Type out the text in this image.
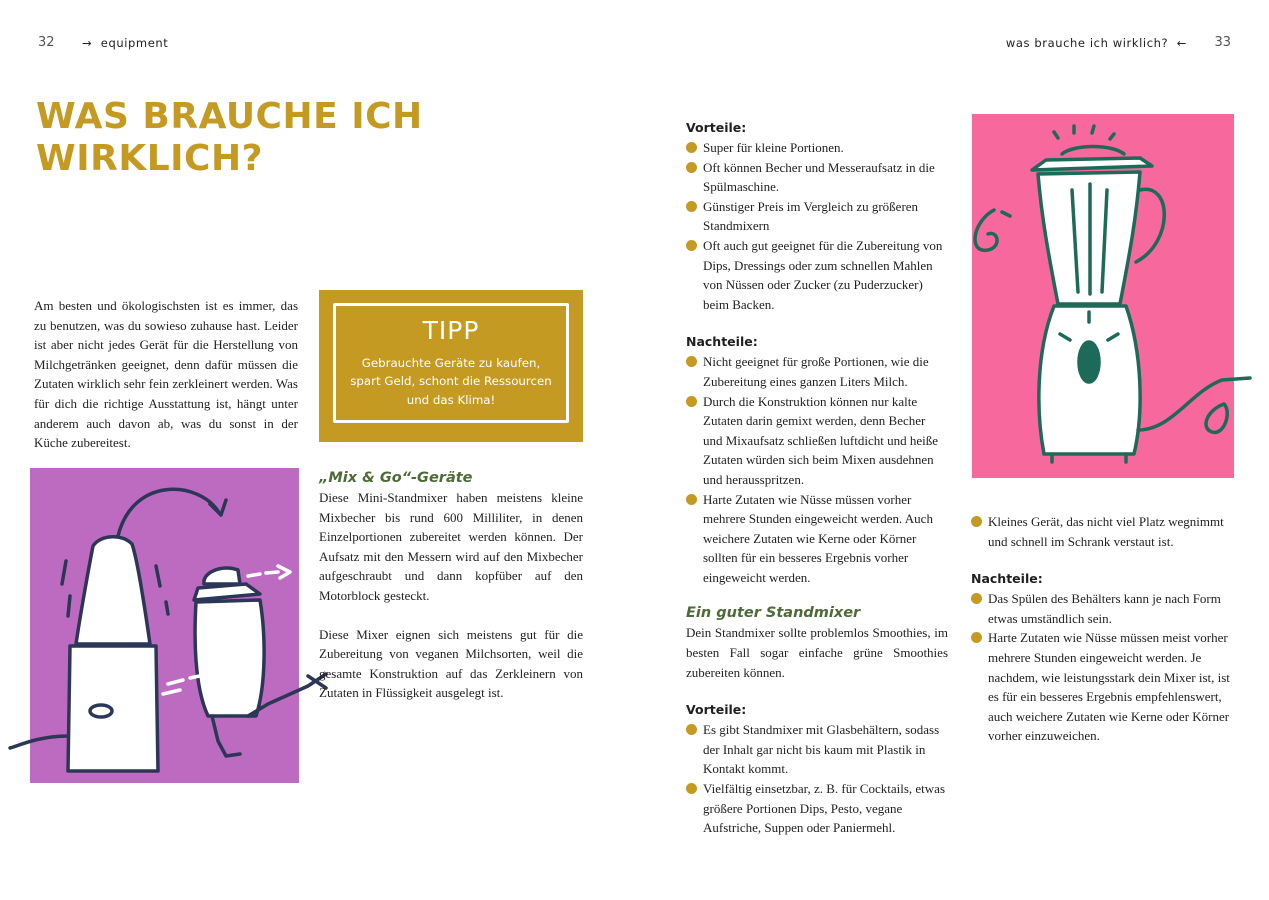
32 → equipment	was brauche ich wirklich? ← 33
WAS BRAUCHE ICH
WIRKLICH?

Am besten und ökologischsten ist es immer, das zu benutzen, was du sowieso zuhause hast. Leider ist aber nicht jedes Gerät für die Herstellung von Milchgetränken geeignet, denn dafür müssen die Zutaten wirklich sehr fein zerkleinert werden. Was für dich die richtige Ausstattung ist, hängt unter anderem auch davon ab, was du sonst in der Küche zubereitest.

TIPP
Gebrauchte Geräte zu kaufen, spart Geld, schont die Ressourcen und das Klima!
„Mix & Go“-Geräte

Diese Mini-Standmixer haben meistens kleine Mixbecher bis rund 600 Milliliter, in denen Einzelportionen zubereitet werden können. Der Aufsatz mit den Messern wird auf den Mixbecher aufgeschraubt und dann kopfüber auf den Motorblock gesteckt.

Diese Mixer eignen sich meistens gut für die Zubereitung von veganen Milchsorten, weil die gesamte Konstruktion auf das Zerkleinern von Zutaten in Flüssigkeit ausgelegt ist.

Vorteile:
Super für kleine Portionen.
Oft können Becher und Messeraufsatz in die Spülmaschine.
Günstiger Preis im Vergleich zu größeren Standmixern
Oft auch gut geeignet für die Zubereitung von Dips, Dressings oder zum schnellen Mahlen von Nüssen oder Zucker (zu Puderzucker) beim Backen.
Nachteile:
Nicht geeignet für große Portionen, wie die Zubereitung eines ganzen Liters Milch.
Durch die Konstruktion können nur kalte Zutaten darin gemixt werden, denn Becher und Mixaufsatz schließen luftdicht und heiße Zutaten würden sich beim Mixen ausdehnen und herausspritzen.
Harte Zutaten wie Nüsse müssen vorher mehrere Stunden eingeweicht werden. Auch weichere Zutaten wie Kerne oder Körner sollten für ein besseres Ergebnis vorher eingeweicht werden.
Ein guter Standmixer

Dein Standmixer sollte problemlos Smoothies, im besten Fall sogar einfache grüne Smoothies zubereiten können.

Vorteile:
Es gibt Standmixer mit Glasbehältern, sodass der Inhalt gar nicht bis kaum mit Plastik in Kontakt kommt.
Vielfältig einsetzbar, z. B. für Cocktails, etwas größere Portionen Dips, Pesto, vegane Aufstriche, Suppen oder Paniermehl.
Kleines Gerät, das nicht viel Platz wegnimmt und schnell im Schrank verstaut ist.
Nachteile:
Das Spülen des Behälters kann je nach Form etwas umständlich sein.
Harte Zutaten wie Nüsse müssen meist vorher mehrere Stunden eingeweicht werden. Je nachdem, wie leistungsstark dein Mixer ist, ist es für ein besseres Ergebnis empfehlenswert, auch weichere Zutaten wie Kerne oder Körner vorher einzuweichen.
